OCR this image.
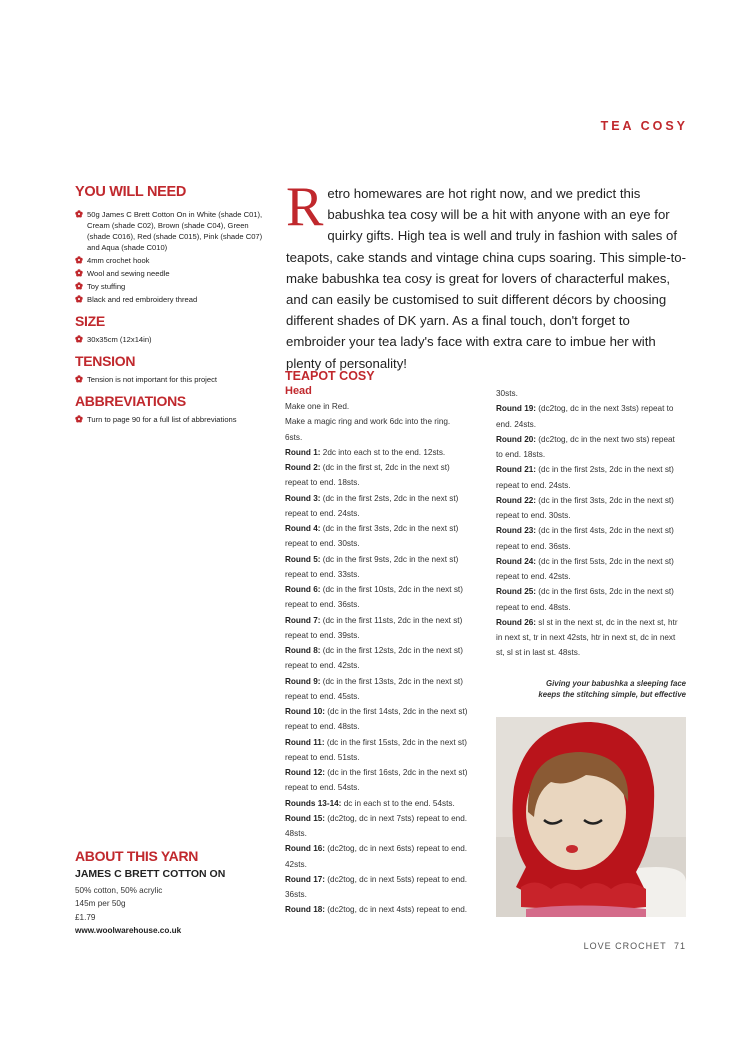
TEA COSY
YOU WILL NEED
50g James C Brett Cotton On in White (shade C01), Cream (shade C02), Brown (shade C04), Green (shade C016), Red (shade C015), Pink (shade C07) and Aqua (shade C010)
4mm crochet hook
Wool and sewing needle
Toy stuffing
Black and red embroidery thread
SIZE
30x35cm (12x14in)
TENSION
Tension is not important for this project
ABBREVIATIONS
Turn to page 90 for a full list of abbreviations
ABOUT THIS YARN
JAMES C BRETT COTTON ON
50% cotton, 50% acrylic
145m per 50g
£1.79
www.woolwarehouse.co.uk
Retro homewares are hot right now, and we predict this babushka tea cosy will be a hit with anyone with an eye for quirky gifts. High tea is well and truly in fashion with sales of teapots, cake stands and vintage china cups soaring. This simple-to-make babushka tea cosy is great for lovers of characterful makes, and can easily be customised to suit different décors by choosing different shades of DK yarn. As a final touch, don't forget to embroider your tea lady's face with extra care to imbue her with plenty of personality!
TEAPOT COSY
Head

Make one in Red.

Make a magic ring and work 6dc into the ring.

6sts.

Round 1: 2dc into each st to the end. 12sts.

Round 2: (dc in the first st, 2dc in the next st)

repeat to end. 18sts.

Round 3: (dc in the first 2sts, 2dc in the next st)

repeat to end. 24sts.

Round 4: (dc in the first 3sts, 2dc in the next st)

repeat to end. 30sts.

Round 5: (dc in the first 9sts, 2dc in the next st)

repeat to end. 33sts.

Round 6: (dc in the first 10sts, 2dc in the next st)

repeat to end. 36sts.

Round 7: (dc in the first 11sts, 2dc in the next st)

repeat to end. 39sts.

Round 8: (dc in the first 12sts, 2dc in the next st)

repeat to end. 42sts.

Round 9: (dc in the first 13sts, 2dc in the next st)

repeat to end. 45sts.

Round 10: (dc in the first 14sts, 2dc in the next st)

repeat to end. 48sts.

Round 11: (dc in the first 15sts, 2dc in the next st)

repeat to end. 51sts.

Round 12: (dc in the first 16sts, 2dc in the next st)

repeat to end. 54sts.

Rounds 13-14: dc in each st to the end. 54sts.

Round 15: (dc2tog, dc in next 7sts) repeat to end.

48sts.

Round 16: (dc2tog, dc in next 6sts) repeat to end.

42sts.

Round 17: (dc2tog, dc in next 5sts) repeat to end.

36sts.

Round 18: (dc2tog, dc in next 4sts) repeat to end.

30sts.

Round 19: (dc2tog, dc in the next 3sts) repeat to

end. 24sts.

Round 20: (dc2tog, dc in the next two sts) repeat

to end. 18sts.

Round 21: (dc in the first 2sts, 2dc in the next st)

repeat to end. 24sts.

Round 22: (dc in the first 3sts, 2dc in the next st)

repeat to end. 30sts.

Round 23: (dc in the first 4sts, 2dc in the next st)

repeat to end. 36sts.

Round 24: (dc in the first 5sts, 2dc in the next st)

repeat to end. 42sts.

Round 25: (dc in the first 6sts, 2dc in the next st)

repeat to end. 48sts.

Round 26: sl st in the next st, dc in the next st, htr

in next st, tr in next 42sts, htr in next st, dc in next

st, sl st in last st. 48sts.

Giving your babushka a sleeping face keeps the stitching simple, but effective
LOVE CROCHET 71
